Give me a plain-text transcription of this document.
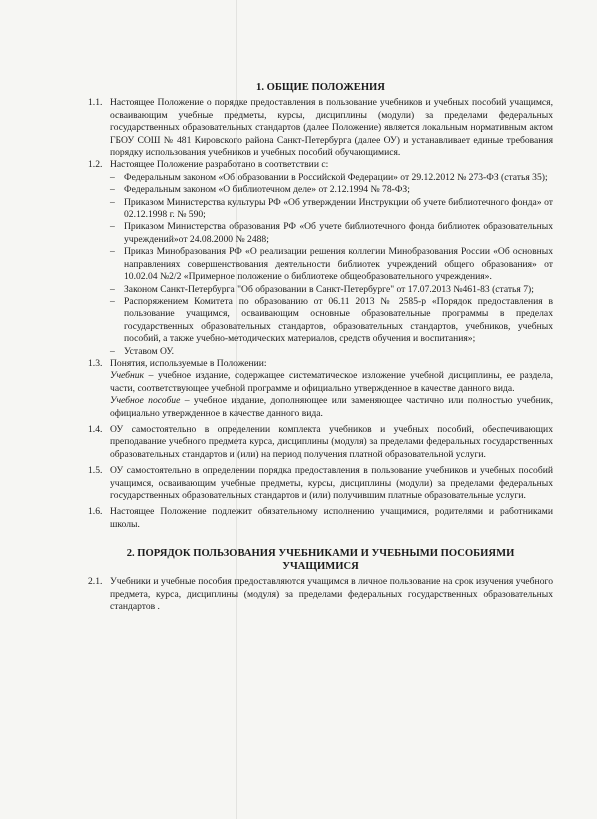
1. ОБЩИЕ ПОЛОЖЕНИЯ
1.1. Настоящее Положение о порядке предоставления в пользование учебников и учебных пособий учащимся, осваивающим учебные предметы, курсы, дисциплины (модули) за пределами федеральных государственных образовательных стандартов (далее Положение) является локальным нормативным актом ГБОУ СОШ № 481 Кировского района Санкт-Петербурга (далее ОУ) и устанавливает единые требования порядку использования учебников и учебных пособий обучающимися.
1.2. Настоящее Положение разработано в соответствии с:
– Федеральным законом «Об образовании в Российской Федерации» от 29.12.2012 № 273-ФЗ (статья 35);
– Федеральным законом «О библиотечном деле» от 2.12.1994 № 78-ФЗ;
– Приказом Министерства культуры РФ «Об утверждении Инструкции об учете библиотечного фонда» от 02.12.1998 г. № 590;
– Приказом Министерства образования РФ «Об учете библиотечного фонда библиотек образовательных учреждений»от 24.08.2000 № 2488;
– Приказ Минобразования РФ «О реализации решения коллегии Минобразования России «Об основных направлениях совершенствования деятельности библиотек учреждений общего образования» от 10.02.04 №2/2 «Примерное положение о библиотеке общеобразовательного учреждения».
– Законом Санкт-Петербурга "Об образовании в Санкт-Петербурге" от 17.07.2013 №461-83 (статья 7);
– Распоряжением Комитета по образованию от 06.11 2013 № 2585-р «Порядок предоставления в пользование учащимся, осваивающим основные образовательные программы в пределах государственных образовательных стандартов, образовательных стандартов, учебников, учебных пособий, а также учебно-методических материалов, средств обучения и воспитания»;
– Уставом ОУ.
1.3. Понятия, используемые в Положении:

Учебник – учебное издание, содержащее систематическое изложение учебной дисциплины, ее раздела, части, соответствующее учебной программе и официально утвержденное в качестве данного вида.

Учебное пособие – учебное издание, дополняющее или заменяющее частично или полностью учебник, официально утвержденное в качестве данного вида.

1.4. ОУ самостоятельно в определении комплекта учебников и учебных пособий, обеспечивающих преподавание учебного предмета курса, дисциплины (модуля) за пределами федеральных государственных образовательных стандартов и (или) на период получения платной образовательной услуги.
1.5. ОУ самостоятельно в определении порядка предоставления в пользование учебников и учебных пособий учащимся, осваивающим учебные предметы, курсы, дисциплины (модули) за пределами федеральных государственных образовательных стандартов и (или) получившим платные образовательные услуги.
1.6. Настоящее Положение подлежит обязательному исполнению учащимися, родителями и работниками школы.
2. ПОРЯДОК ПОЛЬЗОВАНИЯ УЧЕБНИКАМИ И УЧЕБНЫМИ ПОСОБИЯМИ УЧАЩИМИСЯ
2.1. Учебники и учебные пособия предоставляются учащимся в личное пользование на срок изучения учебного предмета, курса, дисциплины (модуля) за пределами федеральных государственных образовательных стандартов .
